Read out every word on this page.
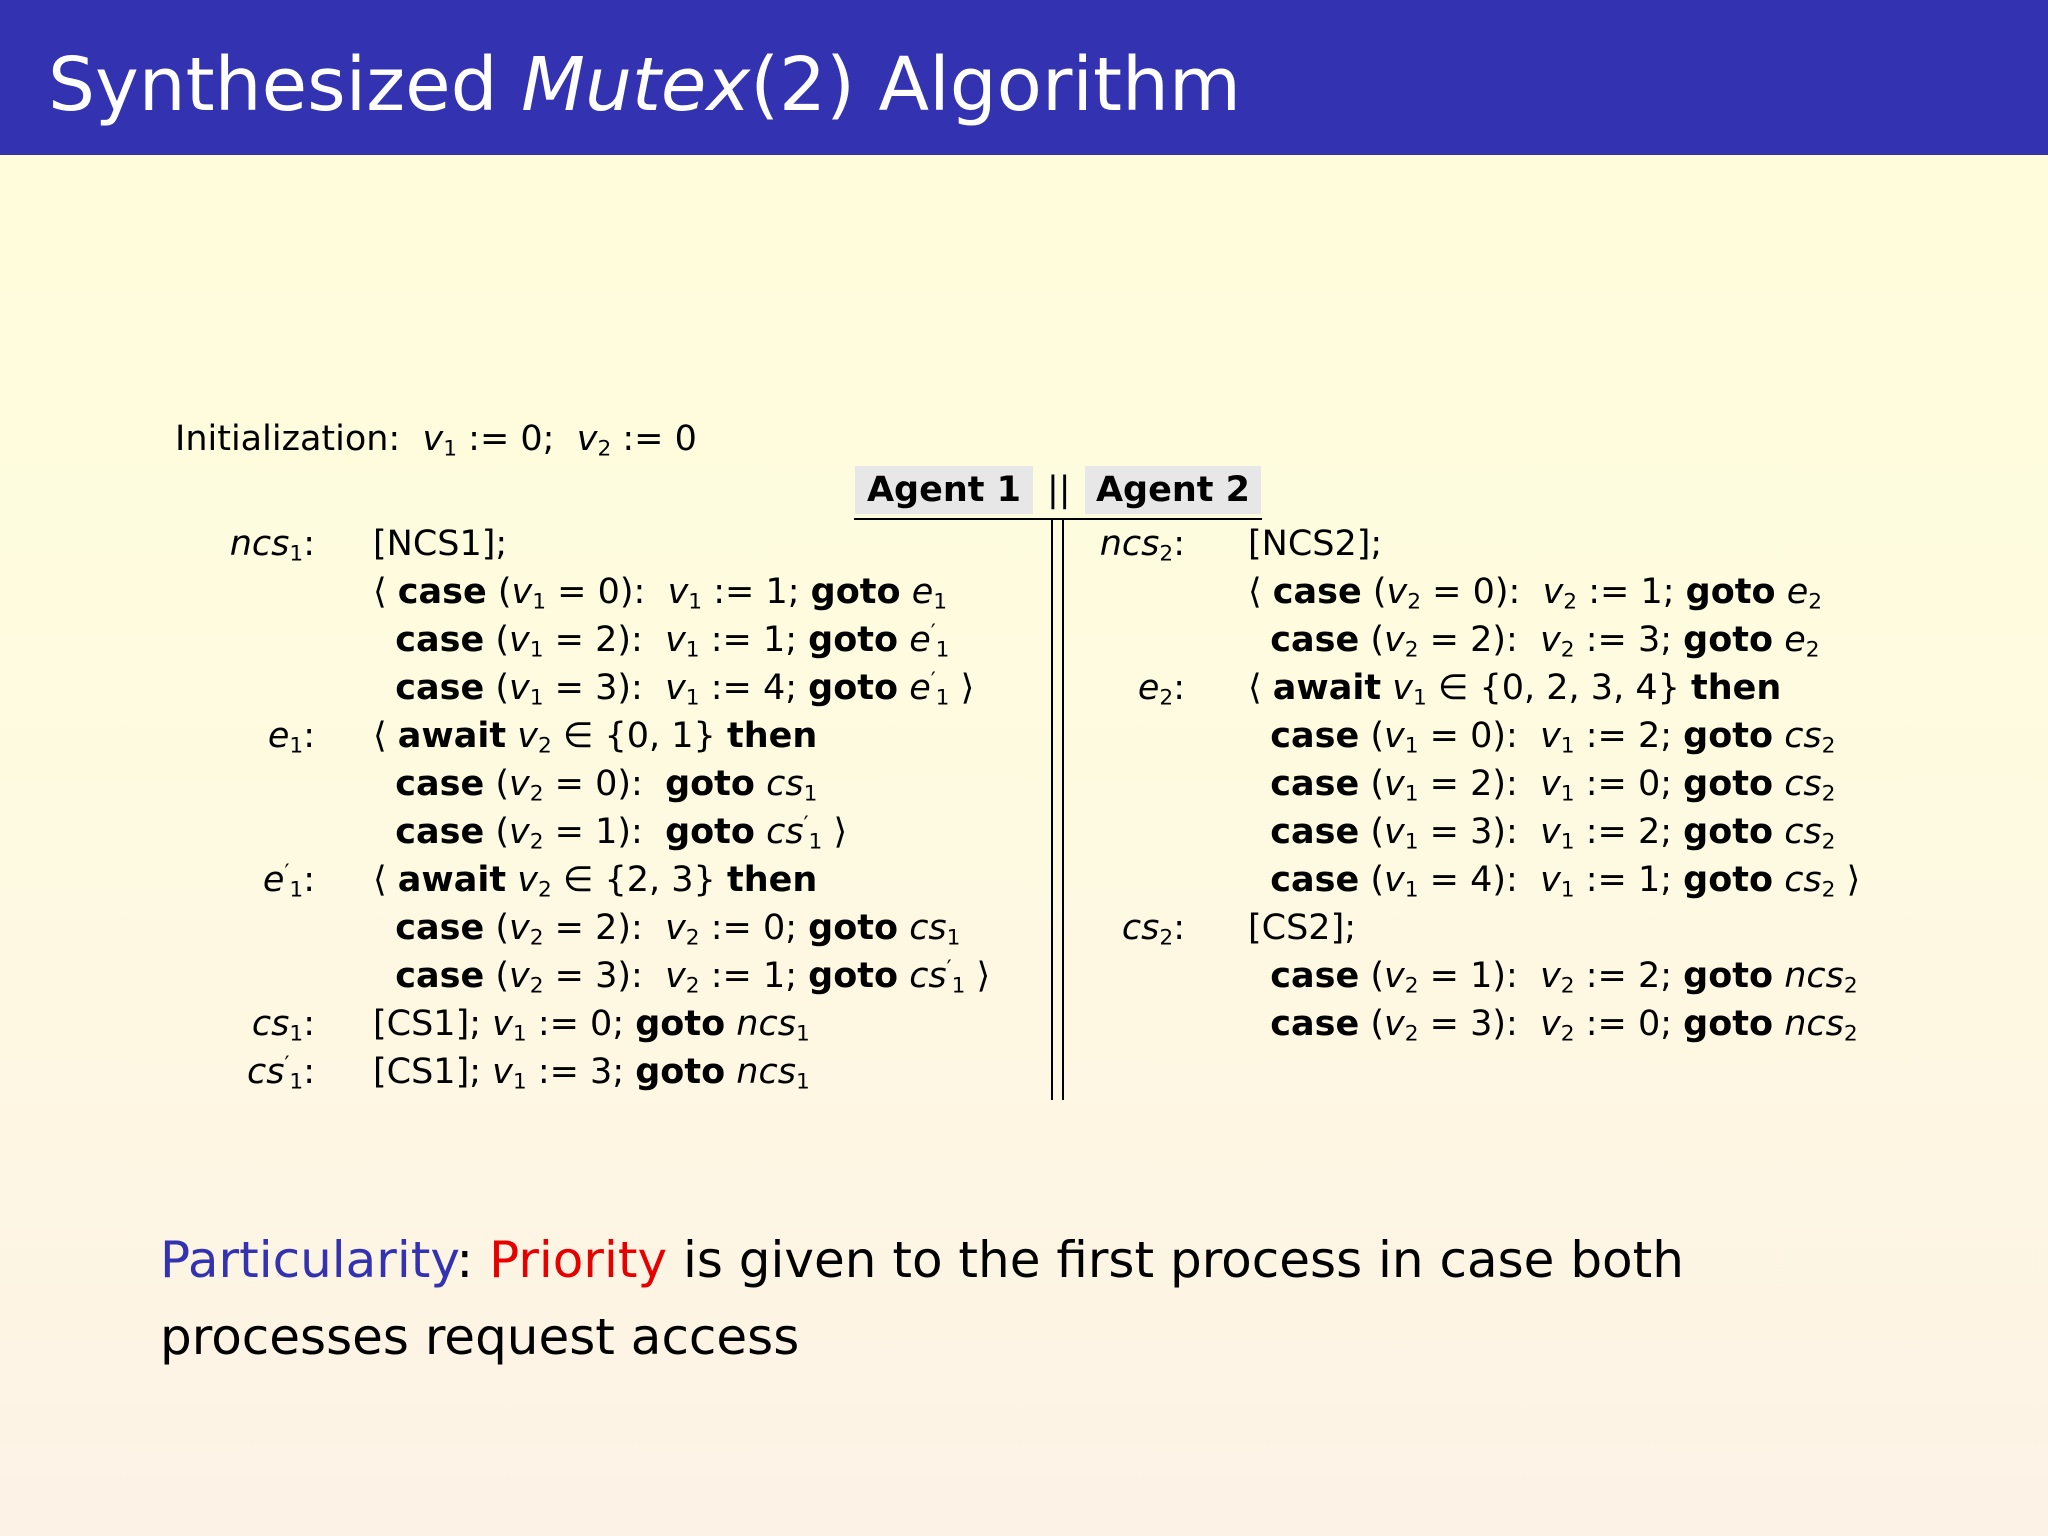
Synthesized Mutex(2) Algorithm
Initialization: $v_1$ := 0; $v_2$ := 0
Agent 1 || Agent 2
ncs$_1$:
$e_1$:
$e'_1$:
$cs_1$:
$cs'_1$:
[NCS1];
⟨ case $(v_1 = 0)$:  $v_1$ := 1; goto $e_1$
case $(v_1 = 2)$:  $v_1$ := 1; goto $e'_1$
case $(v_1 = 3)$:  $v_1$ := 4; goto $e'_1$ ⟩
⟨ await $v_2$ ∈ {0, 1} then
case $(v_2 = 0)$:  goto $cs_1$
case $(v_2 = 1)$:  goto $cs'_1$ ⟩
⟨ await $v_2$ ∈ {2, 3} then
case $(v_2 = 2)$:  $v_2$ := 0; goto $cs_1$
case $(v_2 = 3)$:  $v_2$ := 1; goto $cs'_1$ ⟩
[CS1]; $v_1$ := 0; goto ncs$_1$
[CS1]; $v_1$ := 3; goto ncs$_1$
ncs$_2$:
$e_2$:
$cs_2$:
[NCS2];
⟨ case $(v_2 = 0)$:  $v_2$ := 1; goto $e_2$
case $(v_2 = 2)$:  $v_2$ := 3; goto $e_2$
⟨ await $v_1$ ∈ {0, 2, 3, 4} then
case $(v_1 = 0)$:  $v_1$ := 2; goto $cs_2$
case $(v_1 = 2)$:  $v_1$ := 0; goto $cs_2$
case $(v_1 = 3)$:  $v_1$ := 2; goto $cs_2$
case $(v_1 = 4)$:  $v_1$ := 1; goto $cs_2$ ⟩
[CS2];
case $(v_2 = 1)$:  $v_2$ := 2; goto ncs$_2$
case $(v_2 = 3)$:  $v_2$ := 0; goto ncs$_2$
Particularity: Priority is given to the first process in case both processes request access
